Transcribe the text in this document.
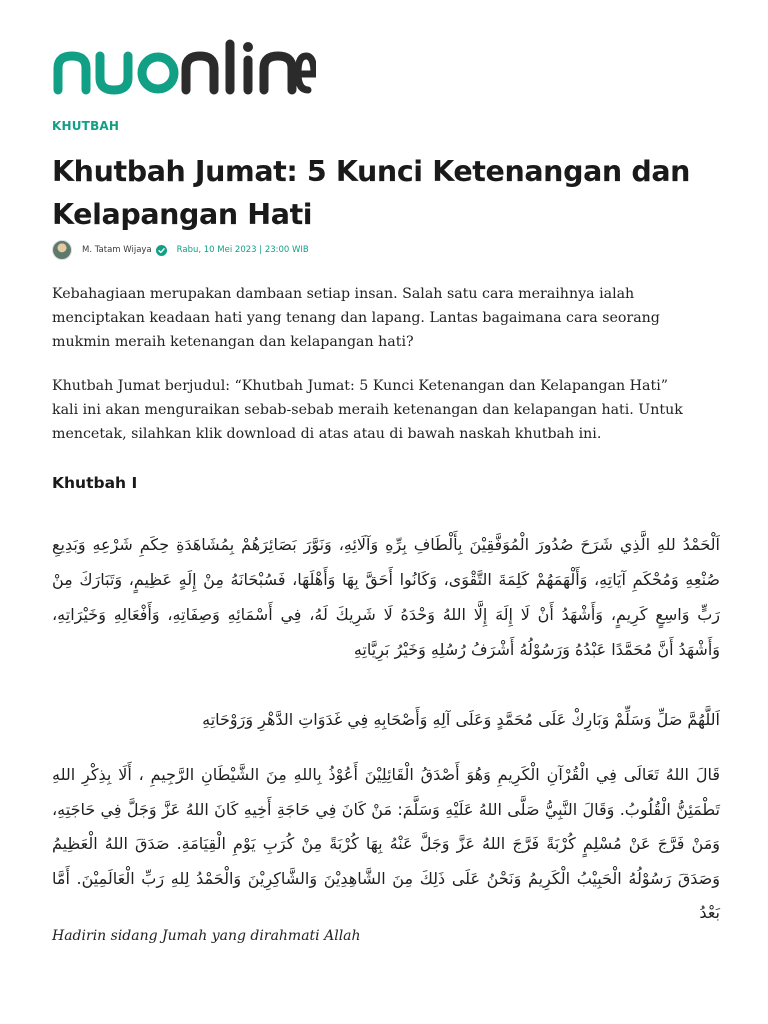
KHUTBAH
Khutbah Jumat: 5 Kunci Ketenangan dan Kelapangan Hati
M. Tatam Wijaya	Rabu, 10 Mei 2023 | 23:00 WIB

Kebahagiaan merupakan dambaan setiap insan. Salah satu cara meraihnya ialah menciptakan keadaan hati yang tenang dan lapang. Lantas bagaimana cara seorang mukmin meraih ketenangan dan kelapangan hati?

Khutbah Jumat berjudul: “Khutbah Jumat: 5 Kunci Ketenangan dan Kelapangan Hati” kali ini akan menguraikan sebab-sebab meraih ketenangan dan kelapangan hati. Untuk mencetak, silahkan klik download di atas atau di bawah naskah khutbah ini.

Khutbah I

اَلْحَمْدُ للهِ الَّذِي شَرَحَ صُدُورَ الْمُوَفَّقِيْنَ بِأَلْطَافِ بِرِّهِ وَآلَائِهِ، وَنَوَّرَ بَصَائِرَهُمْ بِمُشَاهَدَةِ حِكَمِ شَرْعِهِ وَبَدِيعِ صُنْعِهِ وَمُحْكَمِ آيَاتِهِ، وَأَلْهَمَهُمْ كَلِمَةَ التَّقْوَى، وَكَانُوا أَحَقَّ بِهَا وَأَهْلَهَا، فَسُبْحَانَهُ مِنْ إِلَهٍ عَظِيمٍ، وَتَبَارَكَ مِنْ رَبٍّ وَاسِعٍ كَرِيمٍ، وَأَشْهَدُ أَنْ لَا إِلَهَ إِلَّا اللهُ وَحْدَهُ لَا شَرِيكَ لَهُ، فِي أَسْمَائِهِ وَصِفَاتِهِ، وَأَفْعَالِهِ وَخَيْرَاتِهِ، وَأَشْهَدُ أَنَّ مُحَمَّدًا عَبْدُهُ وَرَسُوْلُهُ أَشْرَفُ رُسُلِهِ وَخَيْرُ بَرِيَّاتِهِ

اَللَّهُمَّ صَلِّ وَسَلِّمْ وَبَارِكْ عَلَى مُحَمَّدٍ وَعَلَى آلِهِ وَأَصْحَابِهِ فِي غَدَوَاتِ الدَّهْرِ وَرَوْحَاتِهِ

قَالَ اللهُ تَعَالَى فِي الْقُرْآنِ الْكَرِيمِ وَهُوَ أَصْدَقُ الْقَائِلِيْنَ أَعُوْذُ بِاللهِ مِنَ الشَّيْطَانِ الرَّجِيمِ ، أَلَا بِذِكْرِ اللهِ تَطْمَئِنُّ الْقُلُوبُ. وَقَالَ النَّبِيُّ صَلَّى اللهُ عَلَيْهِ وَسَلَّمَ: مَنْ كَانَ فِي حَاجَةِ أَخِيهِ كَانَ اللهُ عَزَّ وَجَلَّ فِي حَاجَتِهِ، وَمَنْ فَرَّجَ عَنْ مُسْلِمٍ كُرْبَةً فَرَّجَ اللهُ عَزَّ وَجَلَّ عَنْهُ بِهَا كُرْبَةً مِنْ كُرَبِ يَوْمِ الْقِيَامَةِ. صَدَقَ اللهُ الْعَظِيمُ وَصَدَقَ رَسُوْلُهُ الْحَبِيْبُ الْكَرِيمُ وَنَحْنُ عَلَى ذَلِكَ مِنَ الشَّاهِدِيْنَ وَالشَّاكِرِيْنَ وَالْحَمْدُ لِلهِ رَبِّ الْعَالَمِيْنَ. أَمَّا بَعْدُ

Hadirin sidang Jumah yang dirahmati Allah
